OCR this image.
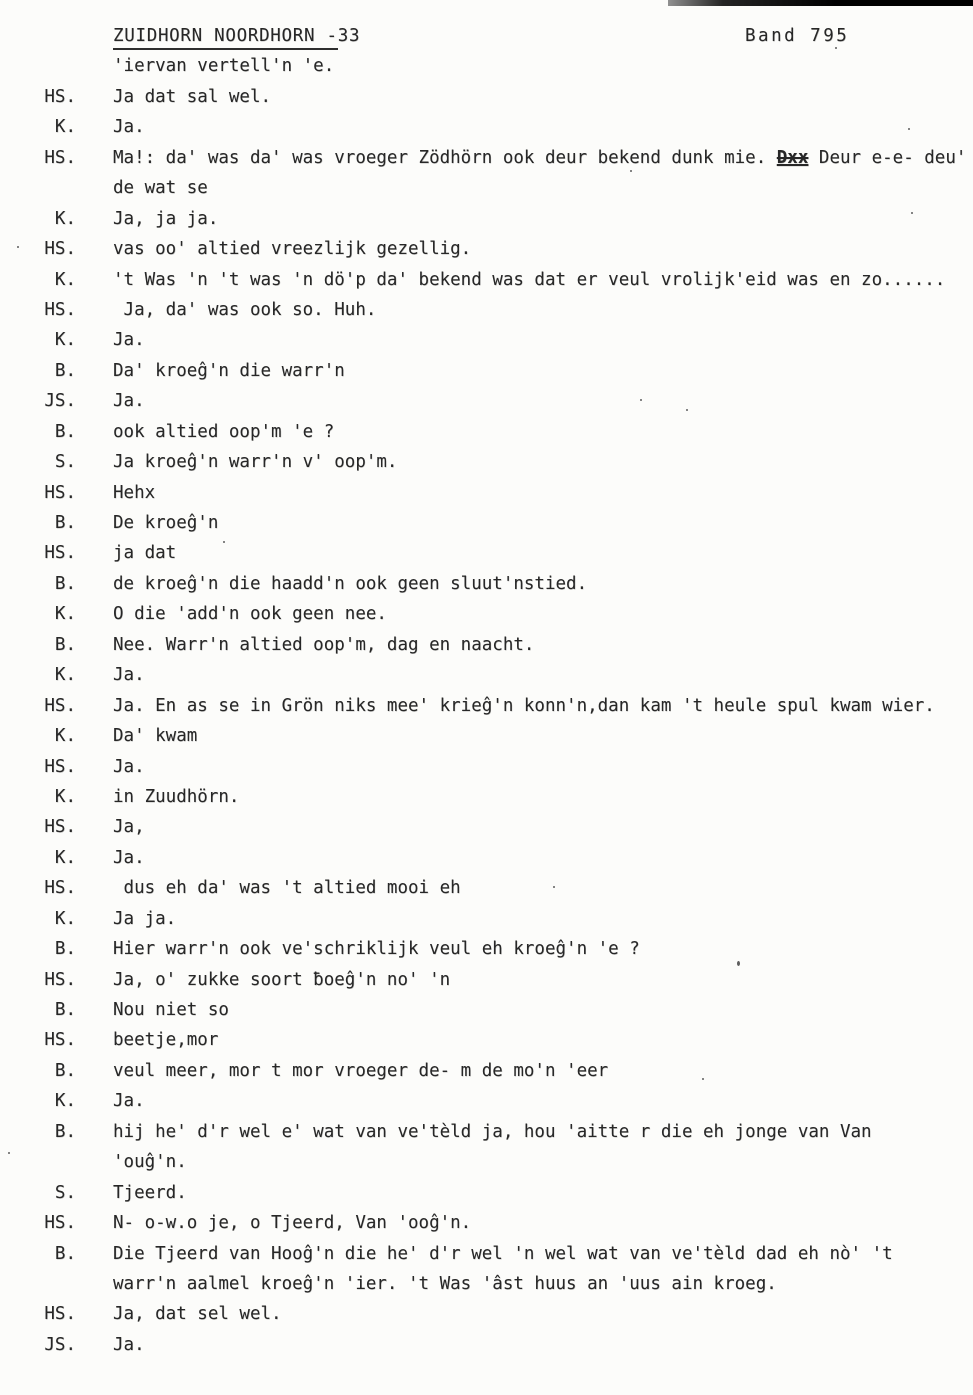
ZUIDHORN NOORDHORN -33	Band 795
'iervan vertell'n 'e.
HS. Ja dat sal wel.
K. Ja.
HS. Ma!: da' was da' was vroeger Zödhörn ook deur bekend dunk mie. Dxx Deur e-e- deu'
de wat se
K. Ja, ja ja.
HS. vas oo' altied vreezlijk gezellig.
K. 't Was 'n 't was 'n dö'p da' bekend was dat er veul vrolijk'eid was en zo......
HS. Ja, da' was ook so. Huh.
K. Ja.
B. Da' kroeĝ'n die warr'n
JS. Ja.
B. ook altied oop'm 'e ?
S. Ja kroeĝ'n warr'n v' oop'm.
HS. Hehx
B. De kroeĝ'n
HS. ja dat
B. de kroeĝ'n die haadd'n ook geen sluut'nstied.
K. O die 'add'n ook geen nee.
B. Nee. Warr'n altied oop'm, dag en naacht.
K. Ja.
HS. Ja. En as se in Grön niks mee' krieĝ'n konn'n,dan kam 't heule spul kwam wier.
K. Da' kwam
HS. Ja.
K. in Zuudhörn.
HS. Ja,
K. Ja.
HS. dus eh da' was 't altied mooi eh
K. Ja ja.
B. Hier warr'n ook ve'schriklijk veul eh kroeĝ'n 'e ?
HS. Ja, o' zukke soort ƀoeĝ'n no' 'n
B. Nou niet so
HS. beetje,mor
B. veul meer, mor t mor vroeger de- m de mo'n 'eer
K. Ja.
B. hij he' d'r wel e' wat van ve'tèld ja, hou 'aitte r die eh jonge van Van
'ouĝ'n.
S. Tjeerd.
HS. N- o-w.o je, o Tjeerd, Van 'ooĝ'n.
B. Die Tjeerd van Hooĝ'n die he' d'r wel 'n wel wat van ve'tèld dad eh nò' 't
warr'n aalmel kroeĝ'n 'ier. 't Was 'âst huus an 'uus ain kroeg.
HS. Ja, dat sel wel.
JS. Ja.
